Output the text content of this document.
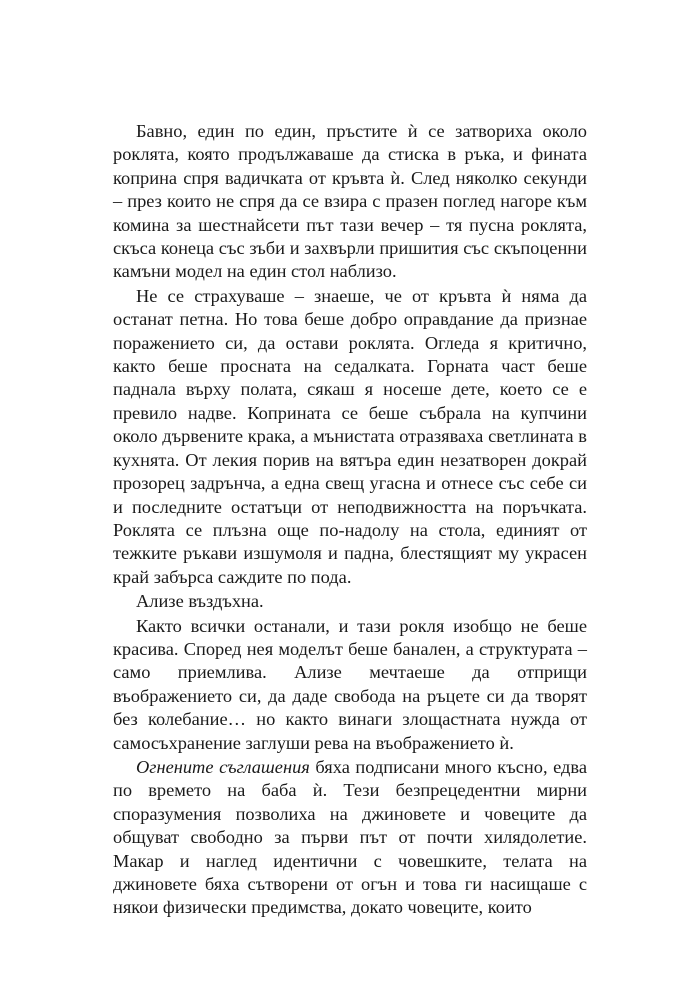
Бавно, един по един, пръстите ѝ се затвориха около роклята, която продължаваше да стиска в ръка, и фината коприна спря вадичката от кръвта ѝ. След няколко секунди – през които не спря да се взира с празен поглед нагоре към комина за шестнайсети път тази вечер – тя пусна роклята, скъса конеца със зъби и захвърли пришития със скъпоценни камъни модел на един стол наблизо.

Не се страхуваше – знаеше, че от кръвта ѝ няма да останат петна. Но това беше добро оправдание да признае поражението си, да остави роклята. Огледа я критично, както беше просната на седалката. Горната част беше паднала върху полата, сякаш я носеше дете, което се е превило надве. Коприната се беше събрала на купчини около дървените крака, а мънистата отразяваха светлината в кухнята. От лекия порив на вятъра един незатворен докрай прозорец задрънча, а една свещ угасна и отнесе със себе си и последните остатъци от неподвижността на поръчката. Роклята се плъзна още по-надолу на стола, единият от тежките ръкави изшумоля и падна, блестящият му украсен край забърса саждите по пода.

Ализе въздъхна.

Както всички останали, и тази рокля изобщо не беше красива. Според нея моделът беше банален, а структурата – само приемлива. Ализе мечтаеше да отприщи въображението си, да даде свобода на ръцете си да творят без колебание… но както винаги злощастната нужда от самосъхранение заглуши рева на въображението ѝ.

Огнените съглашения бяха подписани много късно, едва по времето на баба ѝ. Тези безпрецедентни мирни споразумения позволиха на джиновете и човеците да общуват свободно за първи път от почти хилядолетие. Макар и наглед идентични с човешките, телата на джиновете бяха сътворени от огън и това ги насищаше с някои физически предимства, докато човеците, които
